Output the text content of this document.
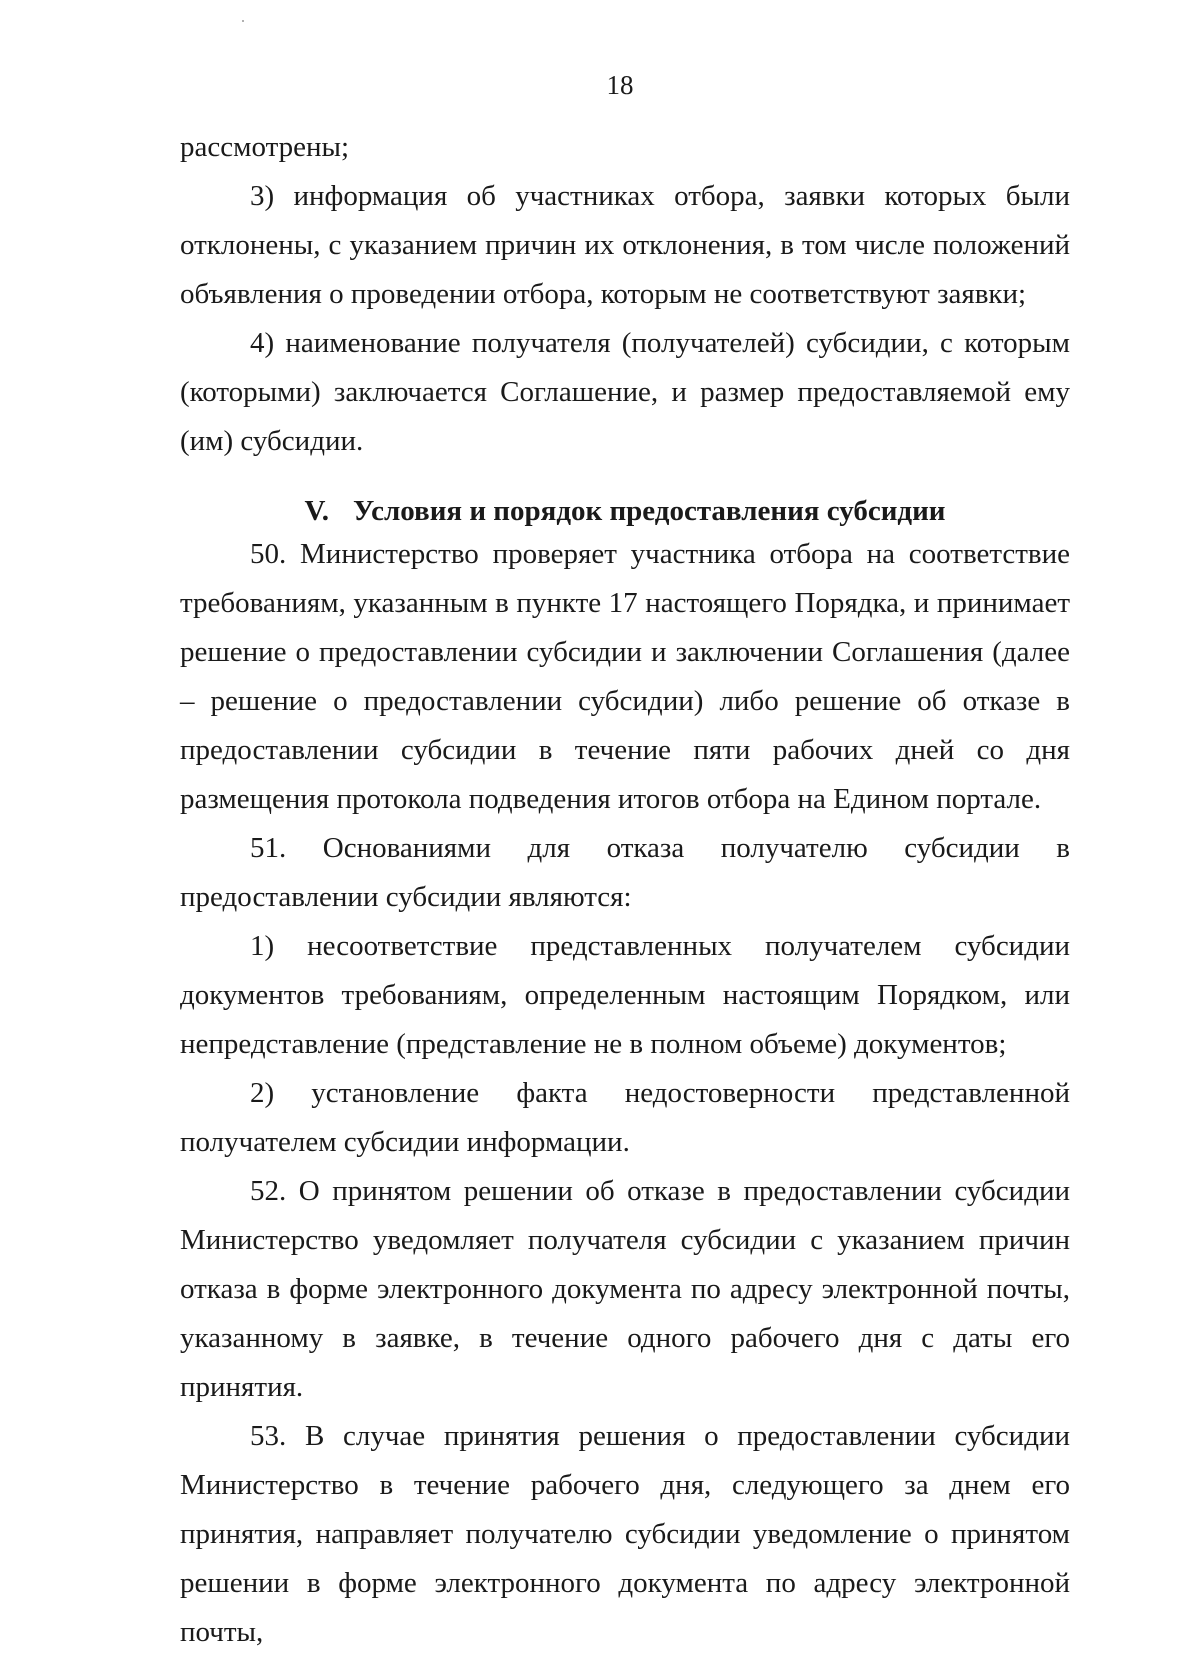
18

рассмотрены;

3) информация об участниках отбора, заявки которых были отклонены, с указанием причин их отклонения, в том числе положений объявления о проведении отбора, которым не соответствуют заявки;

4) наименование получателя (получателей) субсидии, с которым (которыми) заключается Соглашение, и размер предоставляемой ему (им) субсидии.

V. Условия и порядок предоставления субсидии

50. Министерство проверяет участника отбора на соответствие требованиям, указанным в пункте 17 настоящего Порядка, и принимает решение о предоставлении субсидии и заключении Соглашения (далее – решение о предоставлении субсидии) либо решение об отказе в предоставлении субсидии в течение пяти рабочих дней со дня размещения протокола подведения итогов отбора на Едином портале.

51. Основаниями для отказа получателю субсидии в предоставлении субсидии являются:

1) несоответствие представленных получателем субсидии документов требованиям, определенным настоящим Порядком, или непредставление (представление не в полном объеме) документов;

2) установление факта недостоверности представленной получателем субсидии информации.

52. О принятом решении об отказе в предоставлении субсидии Министерство уведомляет получателя субсидии с указанием причин отказа в форме электронного документа по адресу электронной почты, указанному в заявке, в течение одного рабочего дня с даты его принятия.

53. В случае принятия решения о предоставлении субсидии Министерство в течение рабочего дня, следующего за днем его принятия, направляет получателю субсидии уведомление о принятом решении в форме электронного документа по адресу электронной почты,
